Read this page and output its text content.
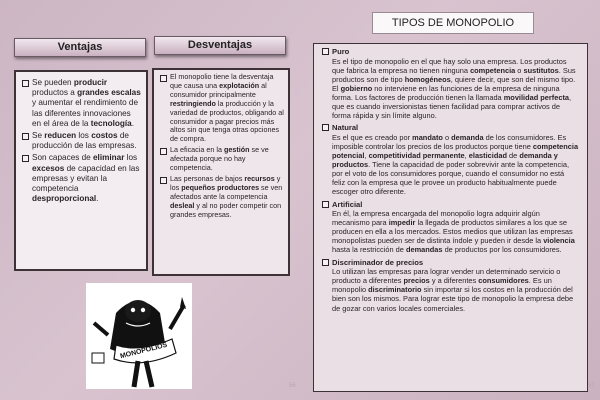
TIPOS DE MONOPOLIO
Ventajas	Desventajas
Se pueden producir productos a grandes escalas y aumentar el rendimiento de las diferentes innovaciones en el área de la tecnología.
Se reducen los costos de producción de las empresas.
Son capaces de eliminar los excesos de capacidad en las empresas y evitan la competencia desproporcional.
El monopolio tiene la desventaja que causa una explotación al consumidor principalmente restringiendo la producción y la variedad de productos, obligando al consumidor a pagar precios más altos sin que tenga otras opciones de compra.
La eficacia en la gestión se ve afectada porque no hay competencia.
Las personas de bajos recursos y los pequeños productores se ven afectados ante la competencia desleal y al no poder competir con grandes empresas.
Puro
Es el tipo de monopolio en el que hay solo una empresa. Los productos que fabrica la empresa no tienen ninguna competencia o sustitutos. Sus productos son de tipo homogéneos, quiere decir, que son del mismo tipo. El gobierno no interviene en las funciones de la empresa de ninguna forma. Los factores de producción tienen la llamada movilidad perfecta, que es cuando inversionistas tienen facilidad para comprar activos de forma rápida y sin límite alguno.
Natural
Es el que es creado por mandato o demanda de los consumidores. Es imposible controlar los precios de los productos porque tiene competencia potencial, competitividad permanente, elasticidad de demanda y productos. Tiene la capacidad de poder sobrevivir ante la competencia, por el voto de los consumidores porque, cuando el consumidor no está feliz con la empresa que le provee un producto habitualmente puede escoger otro diferente.
Artificial
En él, la empresa encargada del monopolio logra adquirir algún mecanismo para impedir la llegada de productos similares a los que se producen en ella a los mercados. Estos medios que utilizan las empresas monopolistas pueden ser de distinta índole y pueden ir desde la violencia hasta la restricción de demandas de productos por los consumidores.
Discriminador de precios
Lo utilizan las empresas para lograr vender un determinado servicio o producto a diferentes precios y a diferentes consumidores. Es un monopolio discriminatorio sin importar si los costos en la producción del bien son los mismos. Para lograr este tipo de monopolio la empresa debe de gozar con varios locales comerciales.
MONOPOLIOS
56	57
